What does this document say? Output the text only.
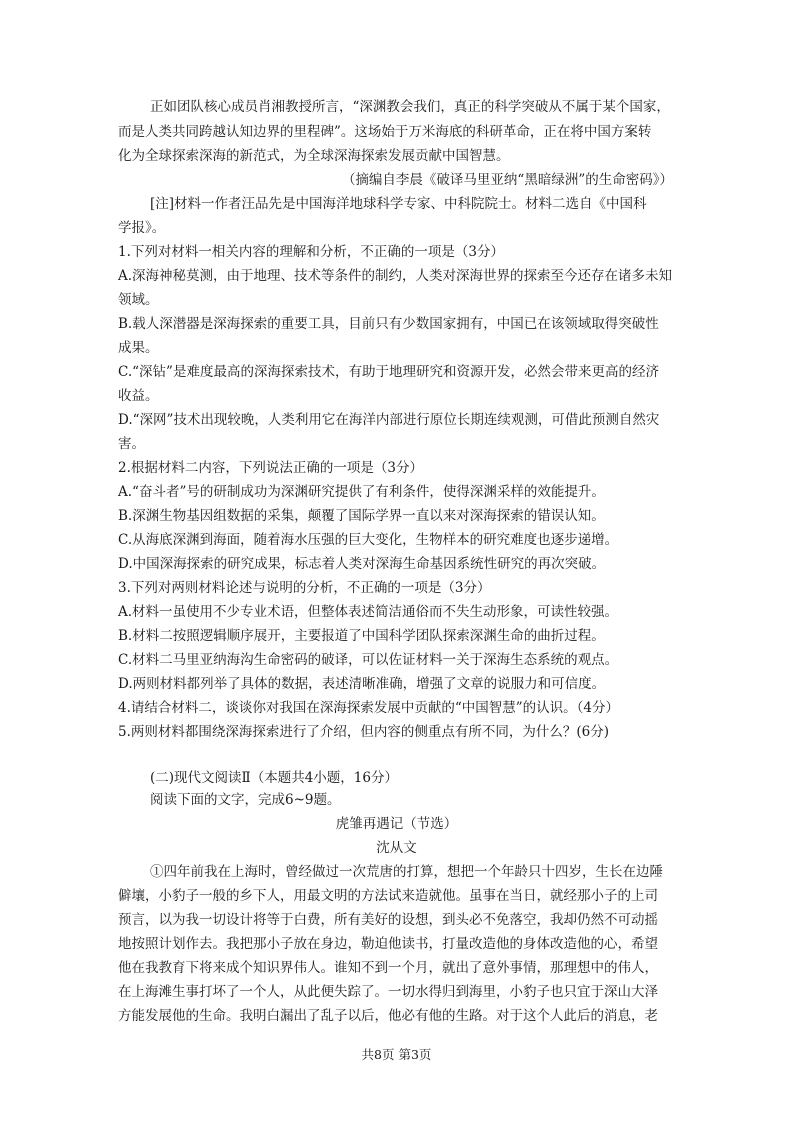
正如团队核心成员肖湘教授所言，“深渊教会我们，真正的科学突破从不属于某个国家，
而是人类共同跨越认知边界的里程碑”。这场始于万米海底的科研革命，正在将中国方案转
化为全球探索深海的新范式，为全球深海探索发展贡献中国智慧。
（摘编自李晨《破译马里亚纳“黑暗绿洲”的生命密码》）
[注]材料一作者汪品先是中国海洋地球科学专家、中科院院士。材料二选自《中国科
学报》。
1.下列对材料一相关内容的理解和分析，不正确的一项是（3分）
A.深海神秘莫测，由于地理、技术等条件的制约，人类对深海世界的探索至今还存在诸多未知
领域。
B.载人深潜器是深海探索的重要工具，目前只有少数国家拥有，中国已在该领域取得突破性
成果。
C.“深钻”是难度最高的深海探索技术，有助于地理研究和资源开发，必然会带来更高的经济
收益。
D.“深网”技术出现较晚，人类利用它在海洋内部进行原位长期连续观测，可借此预测自然灾
害。
2.根据材料二内容，下列说法正确的一项是（3分）
A.“奋斗者”号的研制成功为深渊研究提供了有利条件，使得深渊采样的效能提升。
B.深渊生物基因组数据的采集，颠覆了国际学界一直以来对深海探索的错误认知。
C.从海底深渊到海面，随着海水压强的巨大变化，生物样本的研究难度也逐步递增。
D.中国深海探索的研究成果，标志着人类对深海生命基因系统性研究的再次突破。
3.下列对两则材料论述与说明的分析，不正确的一项是（3分）
A.材料一虽使用不少专业术语，但整体表述简洁通俗而不失生动形象，可读性较强。
B.材料二按照逻辑顺序展开，主要报道了中国科学团队探索深渊生命的曲折过程。
C.材料二马里亚纳海沟生命密码的破译，可以佐证材料一关于深海生态系统的观点。
D.两则材料都列举了具体的数据，表述清晰准确，增强了文章的说服力和可信度。
4.请结合材料二，谈谈你对我国在深海探索发展中贡献的“中国智慧”的认识。（4分）
5.两则材料都围绕深海探索进行了介绍，但内容的侧重点有所不同，为什么？(6分)
(二)现代文阅读Ⅱ（本题共4小题，16分）
阅读下面的文字，完成6~9题。
虎雏再遇记（节选）
沈从文
①四年前我在上海时，曾经做过一次荒唐的打算，想把一个年龄只十四岁，生长在边陲
僻壤，小豹子一般的乡下人，用最文明的方法试来造就他。虽事在当日，就经那小子的上司
预言，以为我一切设计将等于白费，所有美好的设想，到头必不免落空，我却仍然不可动摇
地按照计划作去。我把那小子放在身边，勒迫他读书，打量改造他的身体改造他的心，希望
他在我教育下将来成个知识界伟人。谁知不到一个月，就出了意外事情，那理想中的伟人，
在上海滩生事打坏了一个人，从此便失踪了。一切水得归到海里，小豹子也只宜于深山大泽
方能发展他的生命。我明白漏出了乱子以后，他必有他的生路。对于这个人此后的消息，老
共8页 第3页
